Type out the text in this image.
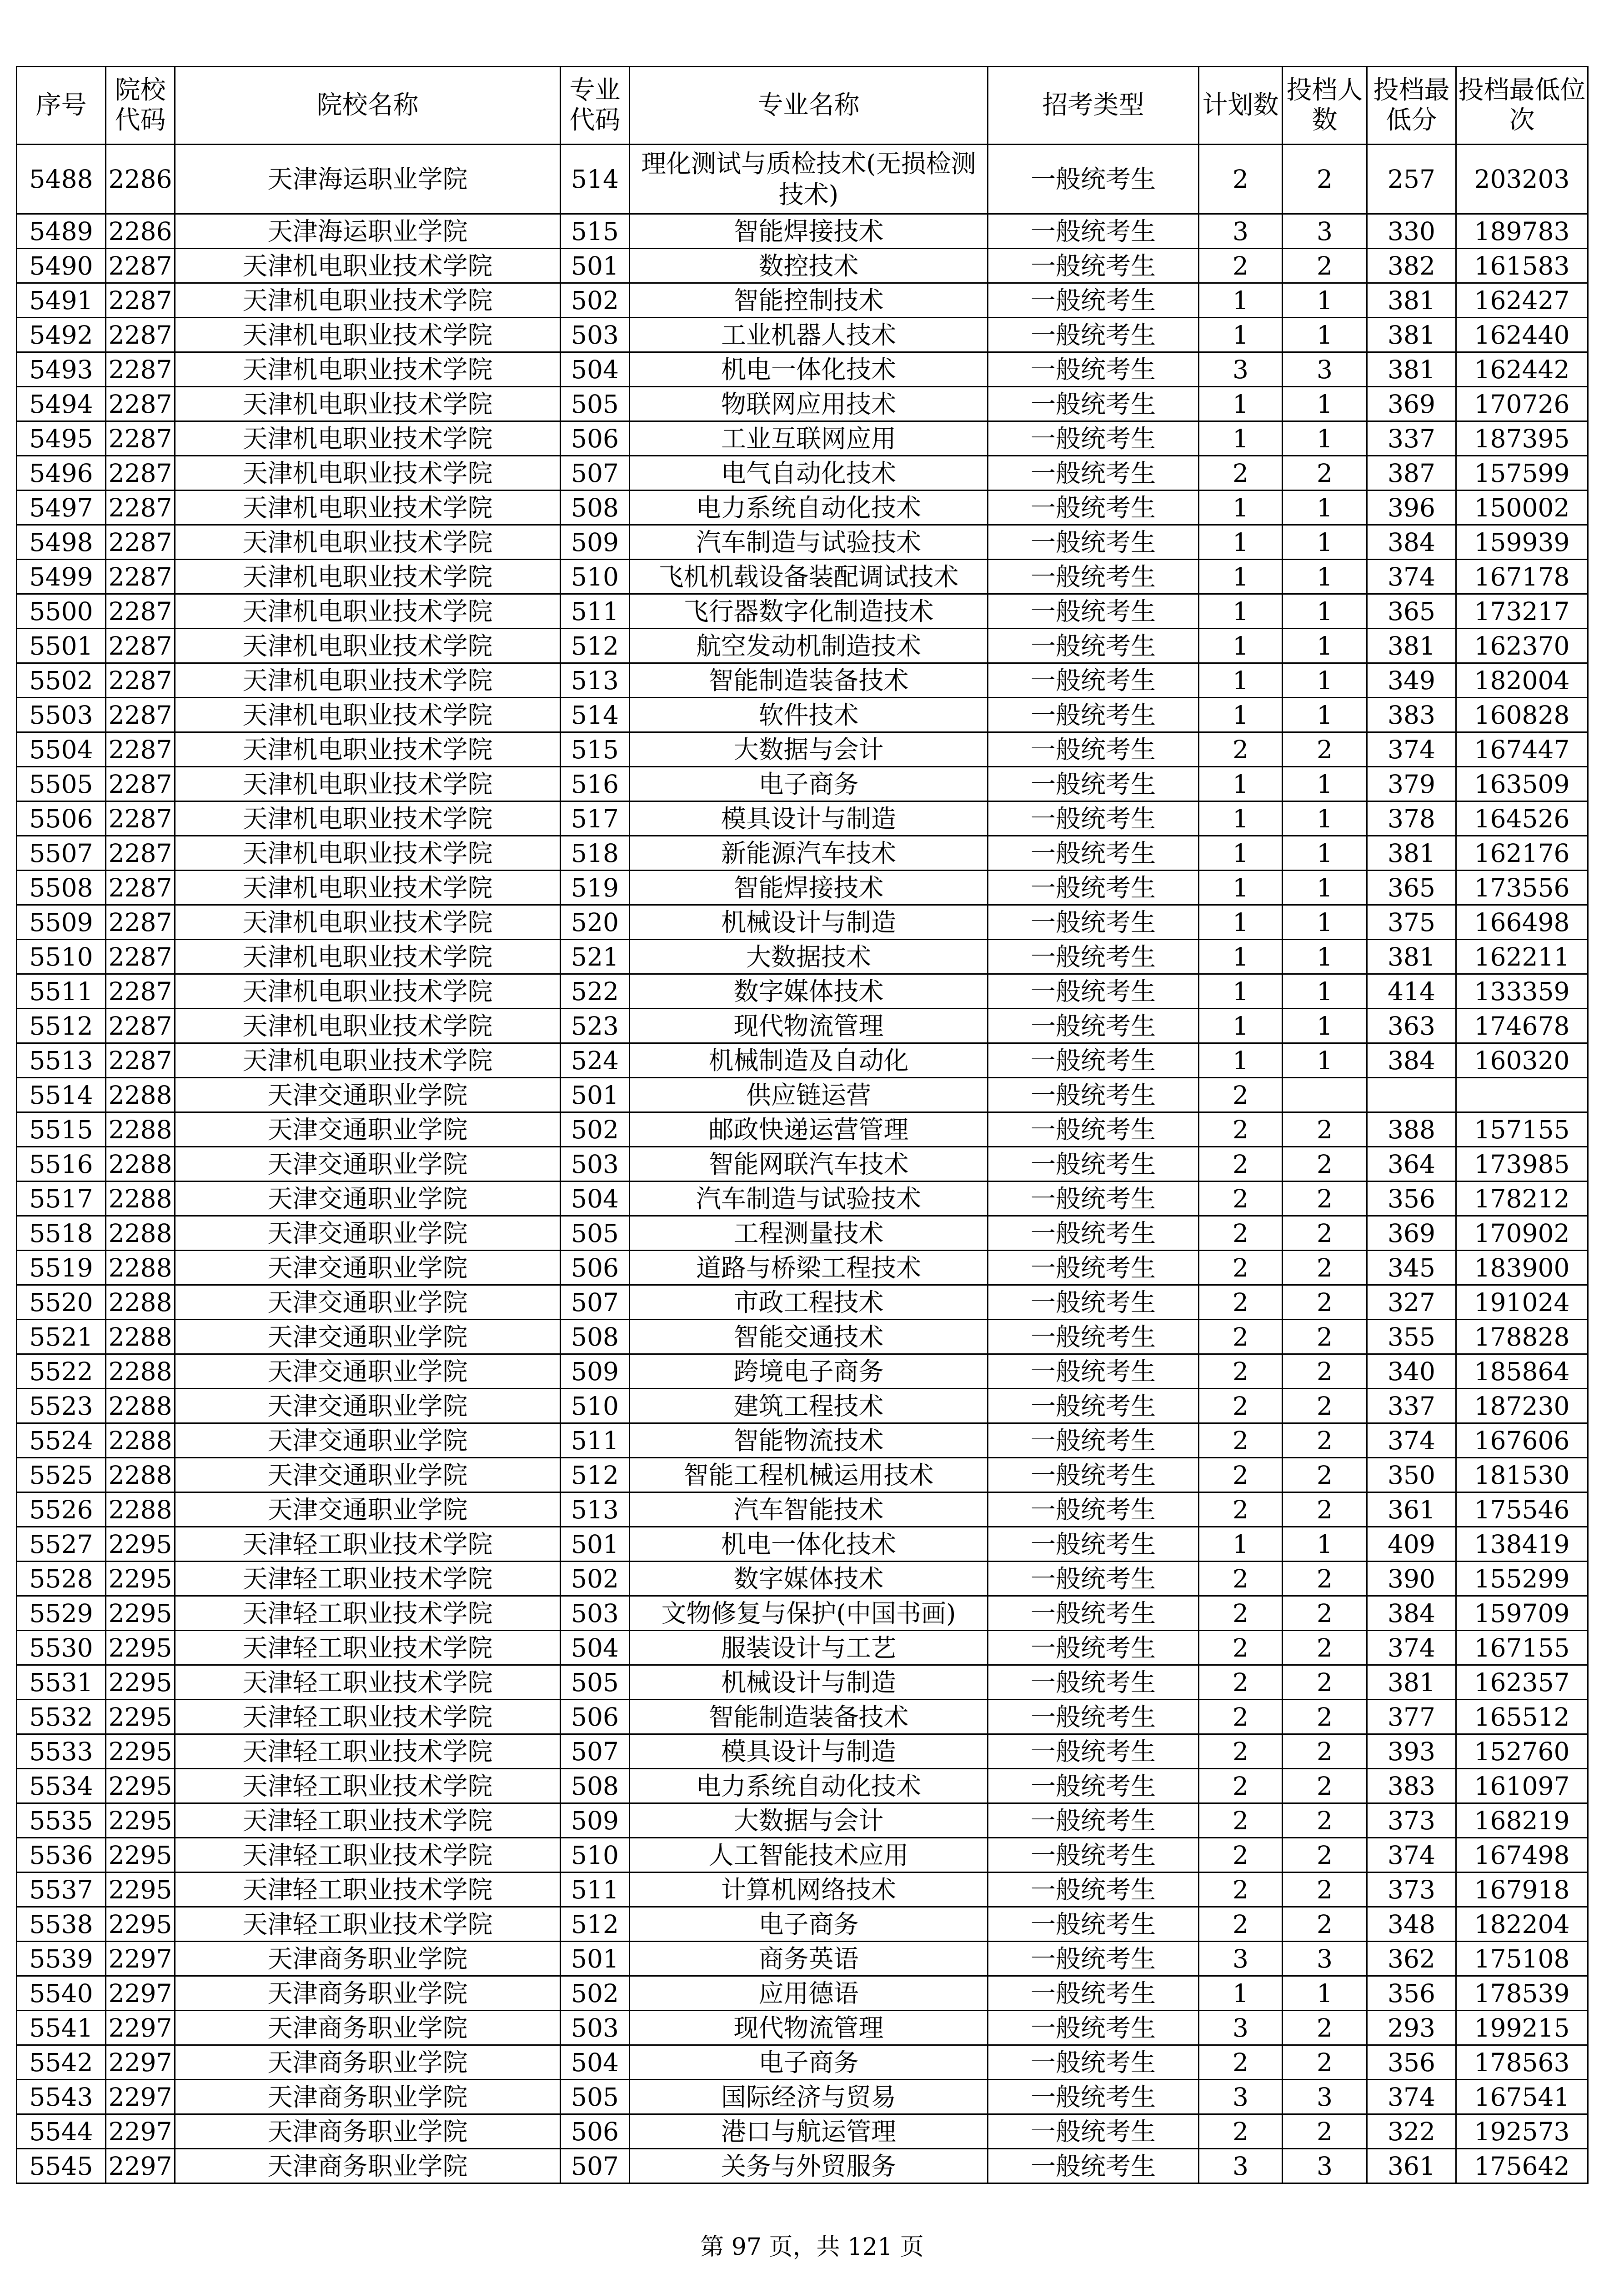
序号	院校代码	院校名称	专业代码	专业名称	招考类型	计划数	投档人数	投档最低分	投档最低位次
5488	2286	天津海运职业学院	514	理化测试与质检技术(无损检测技术)	一般统考生	2	2	257	203203
5489	2286	天津海运职业学院	515	智能焊接技术	一般统考生	3	3	330	189783
5490	2287	天津机电职业技术学院	501	数控技术	一般统考生	2	2	382	161583
5491	2287	天津机电职业技术学院	502	智能控制技术	一般统考生	1	1	381	162427
5492	2287	天津机电职业技术学院	503	工业机器人技术	一般统考生	1	1	381	162440
5493	2287	天津机电职业技术学院	504	机电一体化技术	一般统考生	3	3	381	162442
5494	2287	天津机电职业技术学院	505	物联网应用技术	一般统考生	1	1	369	170726
5495	2287	天津机电职业技术学院	506	工业互联网应用	一般统考生	1	1	337	187395
5496	2287	天津机电职业技术学院	507	电气自动化技术	一般统考生	2	2	387	157599
5497	2287	天津机电职业技术学院	508	电力系统自动化技术	一般统考生	1	1	396	150002
5498	2287	天津机电职业技术学院	509	汽车制造与试验技术	一般统考生	1	1	384	159939
5499	2287	天津机电职业技术学院	510	飞机机载设备装配调试技术	一般统考生	1	1	374	167178
5500	2287	天津机电职业技术学院	511	飞行器数字化制造技术	一般统考生	1	1	365	173217
5501	2287	天津机电职业技术学院	512	航空发动机制造技术	一般统考生	1	1	381	162370
5502	2287	天津机电职业技术学院	513	智能制造装备技术	一般统考生	1	1	349	182004
5503	2287	天津机电职业技术学院	514	软件技术	一般统考生	1	1	383	160828
5504	2287	天津机电职业技术学院	515	大数据与会计	一般统考生	2	2	374	167447
5505	2287	天津机电职业技术学院	516	电子商务	一般统考生	1	1	379	163509
5506	2287	天津机电职业技术学院	517	模具设计与制造	一般统考生	1	1	378	164526
5507	2287	天津机电职业技术学院	518	新能源汽车技术	一般统考生	1	1	381	162176
5508	2287	天津机电职业技术学院	519	智能焊接技术	一般统考生	1	1	365	173556
5509	2287	天津机电职业技术学院	520	机械设计与制造	一般统考生	1	1	375	166498
5510	2287	天津机电职业技术学院	521	大数据技术	一般统考生	1	1	381	162211
5511	2287	天津机电职业技术学院	522	数字媒体技术	一般统考生	1	1	414	133359
5512	2287	天津机电职业技术学院	523	现代物流管理	一般统考生	1	1	363	174678
5513	2287	天津机电职业技术学院	524	机械制造及自动化	一般统考生	1	1	384	160320
5514	2288	天津交通职业学院	501	供应链运营	一般统考生	2			
5515	2288	天津交通职业学院	502	邮政快递运营管理	一般统考生	2	2	388	157155
5516	2288	天津交通职业学院	503	智能网联汽车技术	一般统考生	2	2	364	173985
5517	2288	天津交通职业学院	504	汽车制造与试验技术	一般统考生	2	2	356	178212
5518	2288	天津交通职业学院	505	工程测量技术	一般统考生	2	2	369	170902
5519	2288	天津交通职业学院	506	道路与桥梁工程技术	一般统考生	2	2	345	183900
5520	2288	天津交通职业学院	507	市政工程技术	一般统考生	2	2	327	191024
5521	2288	天津交通职业学院	508	智能交通技术	一般统考生	2	2	355	178828
5522	2288	天津交通职业学院	509	跨境电子商务	一般统考生	2	2	340	185864
5523	2288	天津交通职业学院	510	建筑工程技术	一般统考生	2	2	337	187230
5524	2288	天津交通职业学院	511	智能物流技术	一般统考生	2	2	374	167606
5525	2288	天津交通职业学院	512	智能工程机械运用技术	一般统考生	2	2	350	181530
5526	2288	天津交通职业学院	513	汽车智能技术	一般统考生	2	2	361	175546
5527	2295	天津轻工职业技术学院	501	机电一体化技术	一般统考生	1	1	409	138419
5528	2295	天津轻工职业技术学院	502	数字媒体技术	一般统考生	2	2	390	155299
5529	2295	天津轻工职业技术学院	503	文物修复与保护(中国书画)	一般统考生	2	2	384	159709
5530	2295	天津轻工职业技术学院	504	服装设计与工艺	一般统考生	2	2	374	167155
5531	2295	天津轻工职业技术学院	505	机械设计与制造	一般统考生	2	2	381	162357
5532	2295	天津轻工职业技术学院	506	智能制造装备技术	一般统考生	2	2	377	165512
5533	2295	天津轻工职业技术学院	507	模具设计与制造	一般统考生	2	2	393	152760
5534	2295	天津轻工职业技术学院	508	电力系统自动化技术	一般统考生	2	2	383	161097
5535	2295	天津轻工职业技术学院	509	大数据与会计	一般统考生	2	2	373	168219
5536	2295	天津轻工职业技术学院	510	人工智能技术应用	一般统考生	2	2	374	167498
5537	2295	天津轻工职业技术学院	511	计算机网络技术	一般统考生	2	2	373	167918
5538	2295	天津轻工职业技术学院	512	电子商务	一般统考生	2	2	348	182204
5539	2297	天津商务职业学院	501	商务英语	一般统考生	3	3	362	175108
5540	2297	天津商务职业学院	502	应用德语	一般统考生	1	1	356	178539
5541	2297	天津商务职业学院	503	现代物流管理	一般统考生	3	2	293	199215
5542	2297	天津商务职业学院	504	电子商务	一般统考生	2	2	356	178563
5543	2297	天津商务职业学院	505	国际经济与贸易	一般统考生	3	3	374	167541
5544	2297	天津商务职业学院	506	港口与航运管理	一般统考生	2	2	322	192573
5545	2297	天津商务职业学院	507	关务与外贸服务	一般统考生	3	3	361	175642
第 97 页，共 121 页
